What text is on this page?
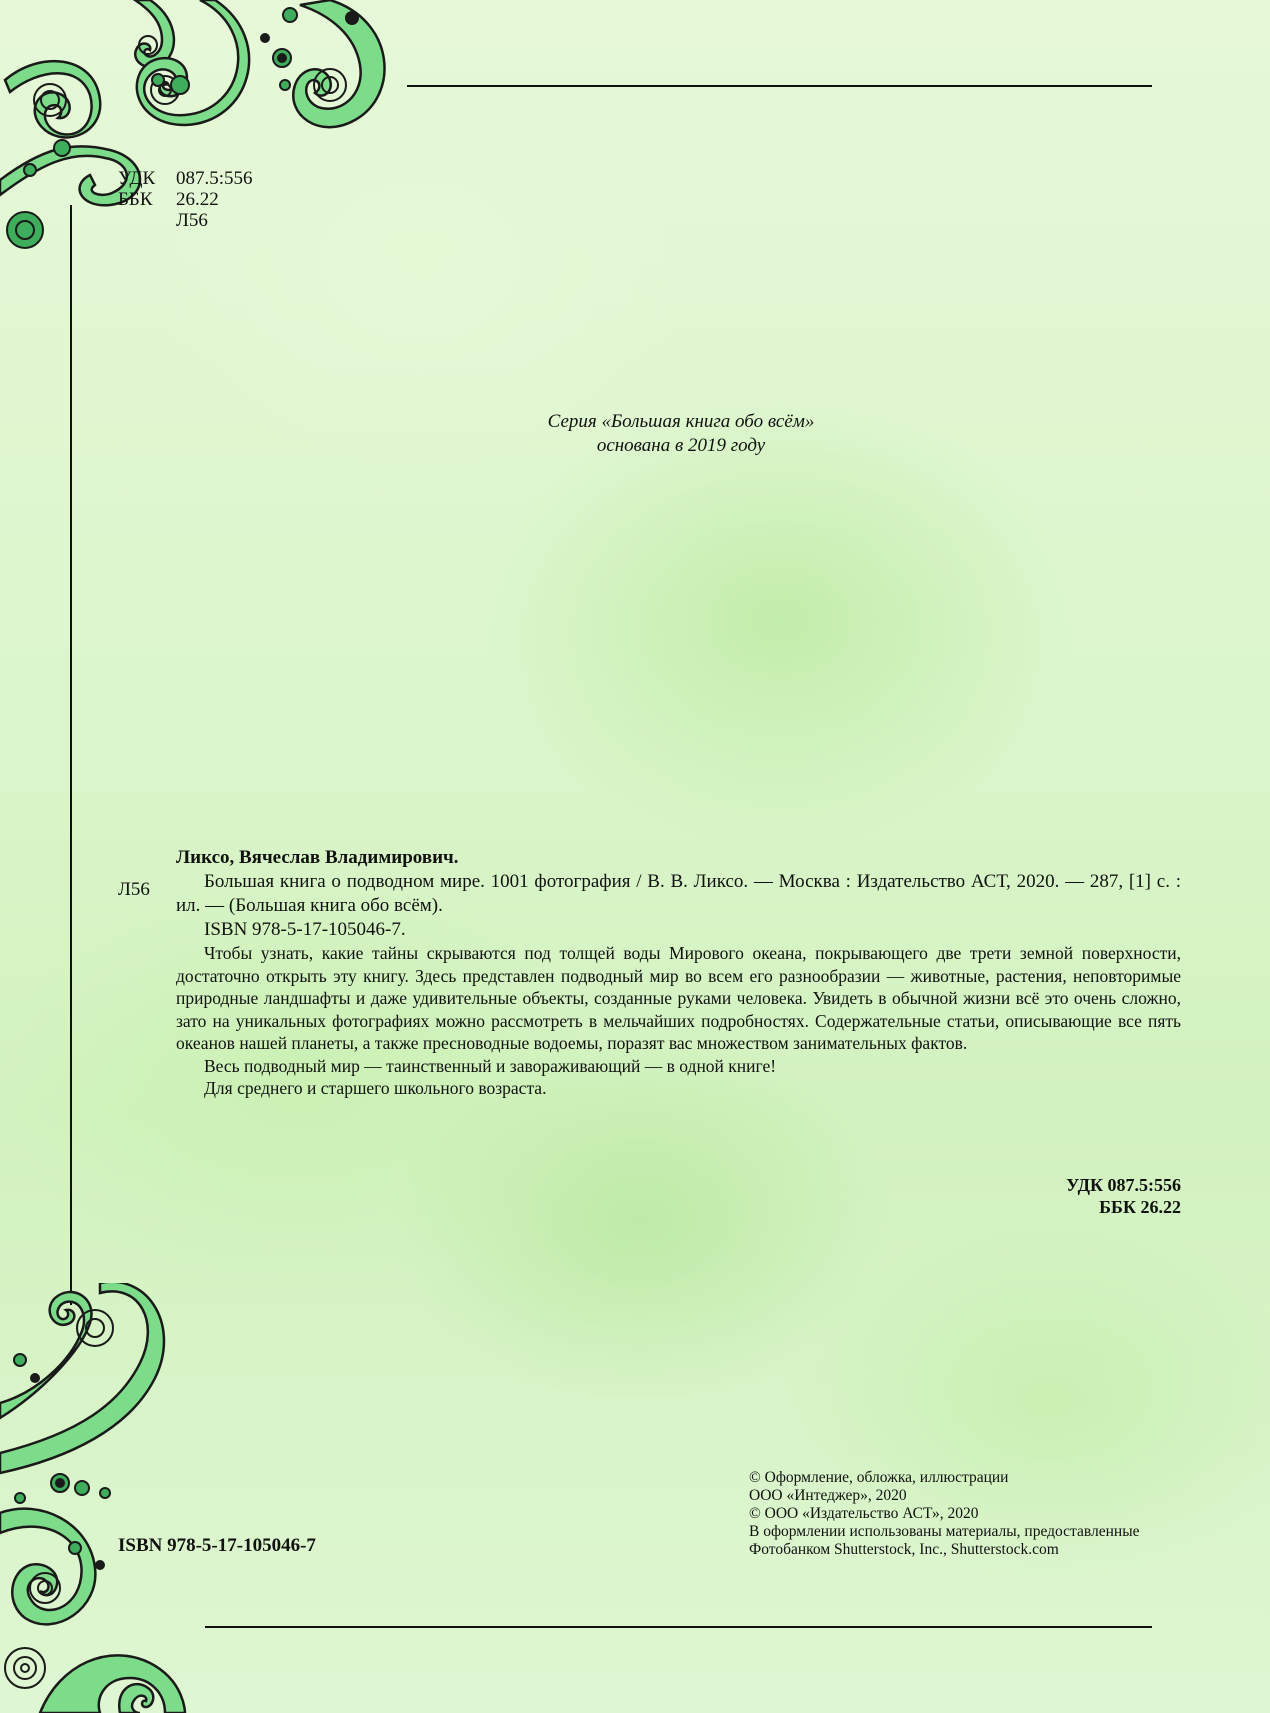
УДК	087.5:556
ББК	26.22
Л56
Серия «Большая книга обо всём»
основана в 2019 году
Л56
Ликсо, Вячеслав Владимирович.
Большая книга о подводном мире. 1001 фотография / В. В. Ликсо. — Москва : Издательство АСТ, 2020. — 287, [1] с. : ил. — (Большая книга обо всём).
ISBN 978-5-17-105046-7.
Чтобы узнать, какие тайны скрываются под толщей воды Мирового океана, покрывающего две трети земной поверхности, достаточно открыть эту книгу. Здесь представлен подводный мир во всем его разнообразии — животные, растения, неповторимые природные ландшафты и даже удивительные объекты, созданные руками человека. Увидеть в обычной жизни всё это очень сложно, зато на уникальных фотографиях можно рассмотреть в мельчайших подробностях. Содержательные статьи, описывающие все пять океанов нашей планеты, а также пресноводные водоемы, поразят вас множеством занимательных фактов.
Весь подводный мир — таинственный и завораживающий — в одной книге!
Для среднего и старшего школьного возраста.
УДК 087.5:556
ББК 26.22
ISBN 978-5-17-105046-7
© Оформление, обложка, иллюстрации
ООО «Интеджер», 2020
© ООО «Издательство АСТ», 2020
В оформлении использованы материалы, предоставленные
Фотобанком Shutterstock, Inc., Shutterstock.com
